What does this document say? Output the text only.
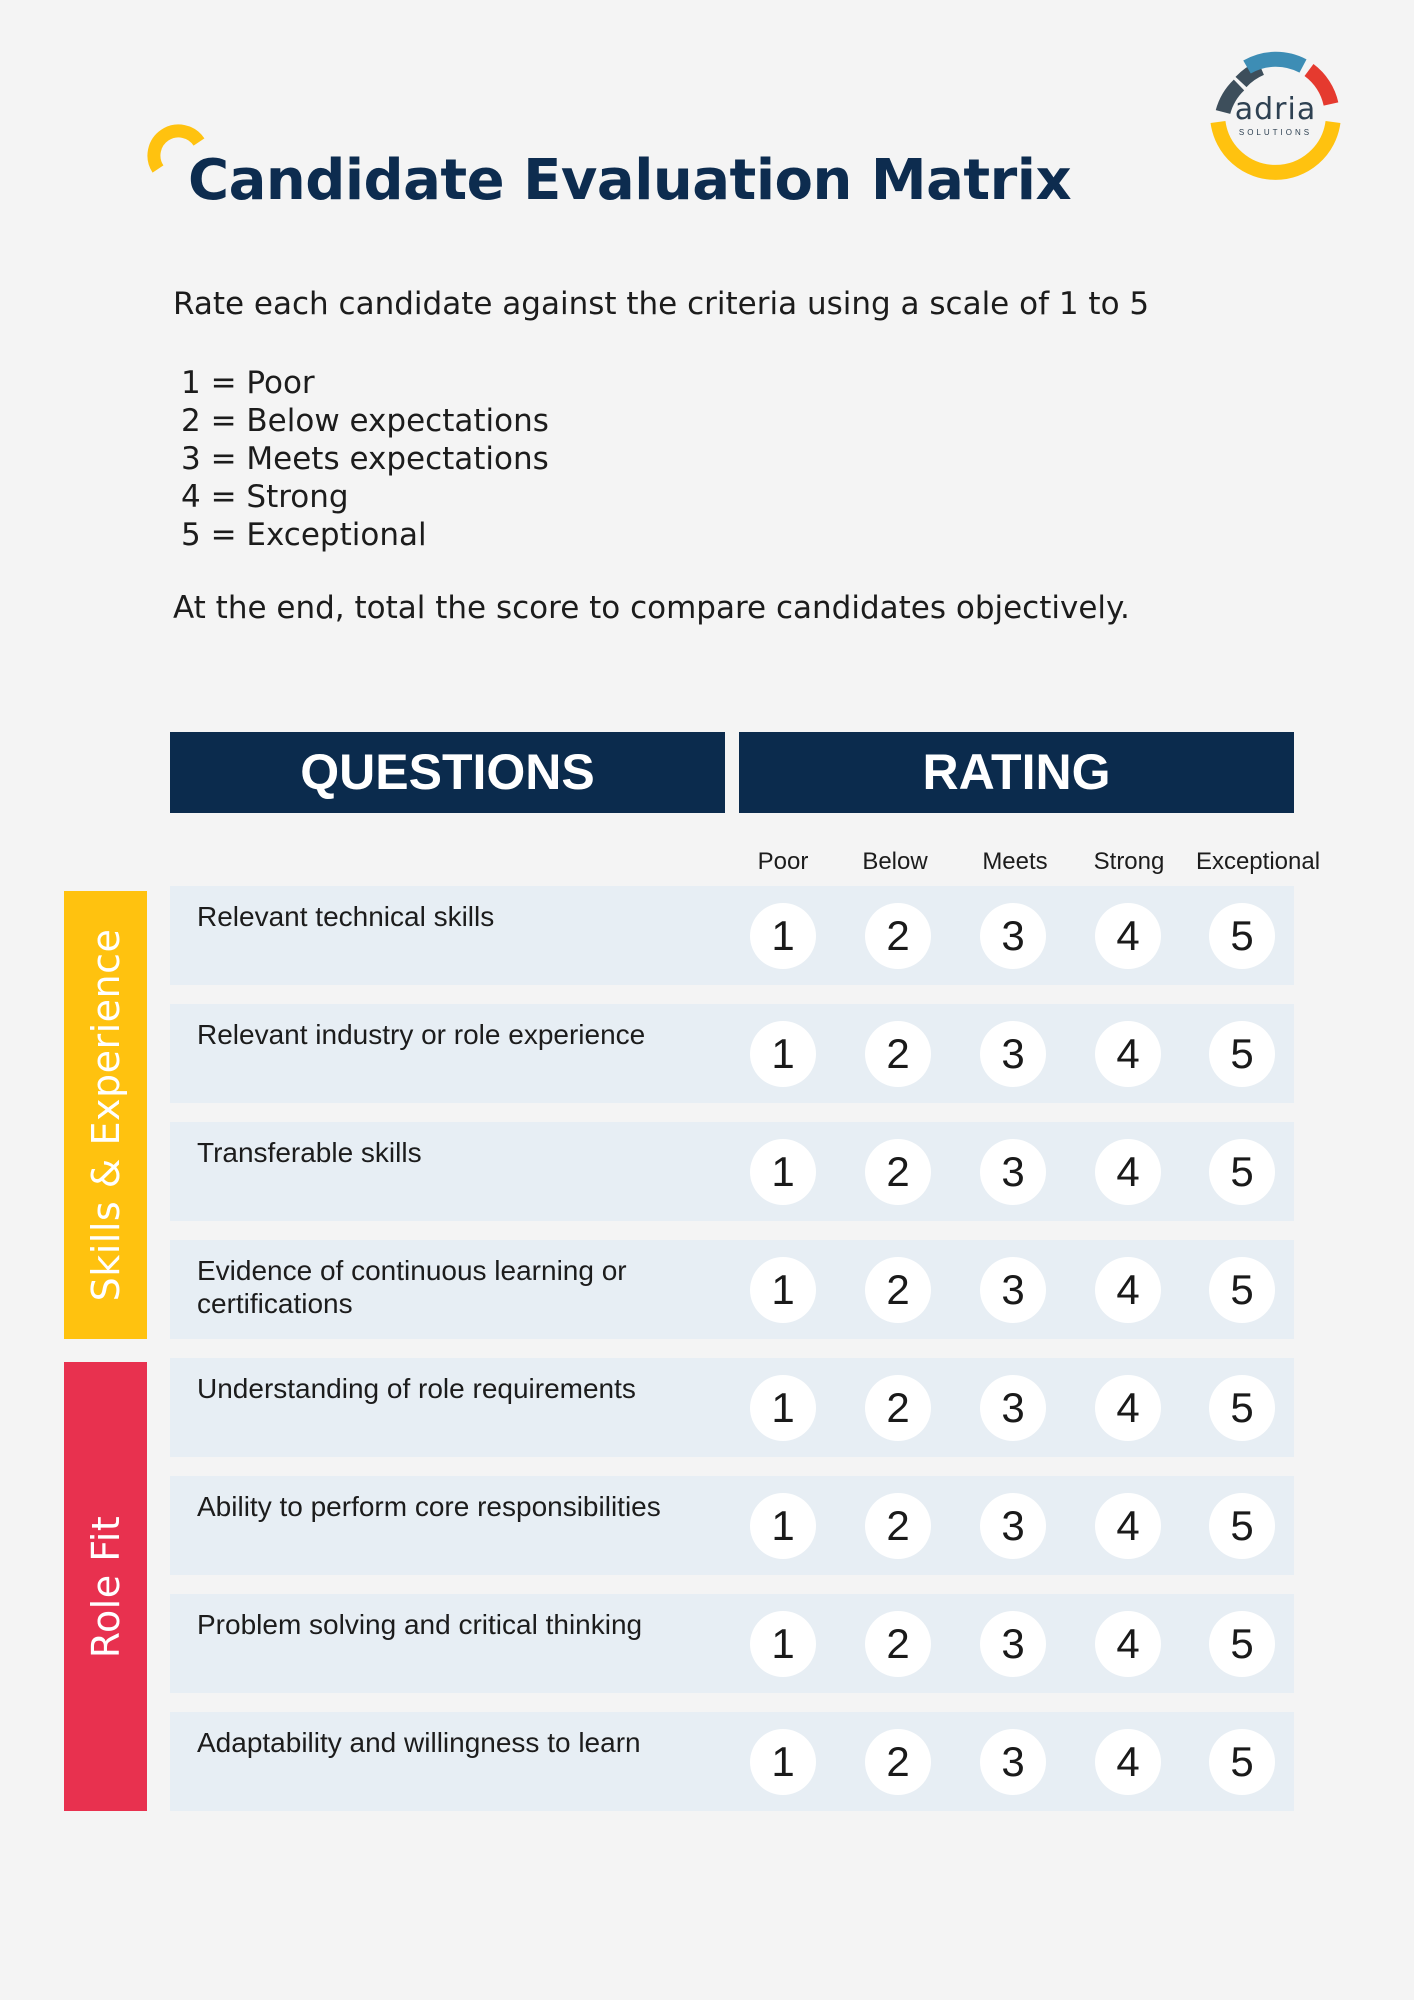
Candidate Evaluation Matrix
adria
SOLUTIONS
Rate each candidate against the criteria using a scale of 1 to 5
1 = Poor
2 = Below expectations
3 = Meets expectations
4 = Strong
5 = Exceptional
At the end, total the score to compare candidates objectively.
QUESTIONS	RATING
Poor	Below	Meets	Strong	Exceptional
Skills & Experience
Role Fit
Relevant technical skills	1	2	3	4	5
Relevant industry or role experience	1	2	3	4	5
Transferable skills	1	2	3	4	5
Evidence of continuous learning or certifications	1	2	3	4	5
Understanding of role requirements	1	2	3	4	5
Ability to perform core responsibilities	1	2	3	4	5
Problem solving and critical thinking	1	2	3	4	5
Adaptability and willingness to learn	1	2	3	4	5
